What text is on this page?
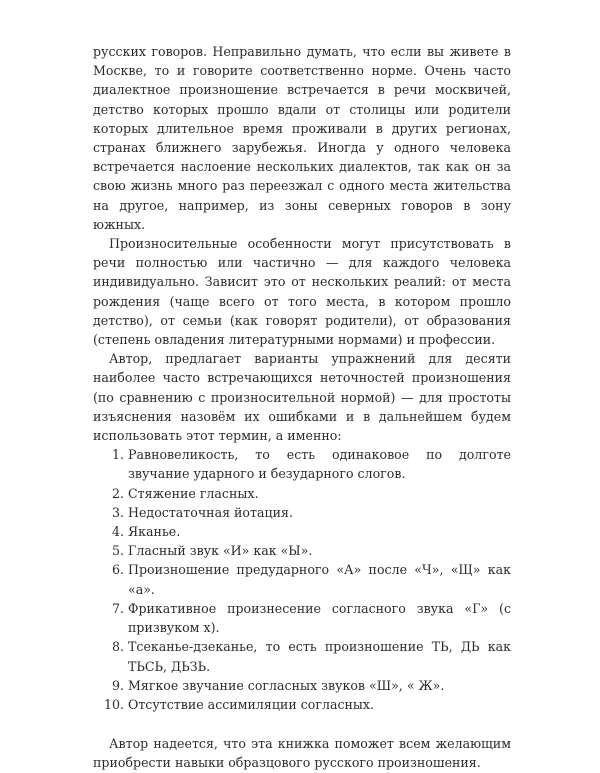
русских говоров. Неправильно думать, что если вы живете в Москве, то и говорите соответственно норме. Очень часто диалектное произношение встречается в речи москвичей, детство которых прошло вдали от столицы или родители которых длительное время проживали в других регионах, странах ближнего зарубежья. Иногда у одного человека встречается наслоение нескольких диалектов, так как он за свою жизнь много раз переезжал с одного места жительства на другое, например, из зоны северных говоров в зону южных.

Произносительные особенности могут присутствовать в речи полностью или частично — для каждого человека индивидуально. Зависит это от нескольких реалий: от места рождения (чаще всего от того места, в котором прошло детство), от семьи (как говорят родители), от образования (степень овладения литературными нормами) и профессии.

Автор, предлагает варианты упражнений для десяти наиболее часто встречающихся неточностей произношения (по сравнению с произносительной нормой) — для простоты изъяснения назовём их ошибками и в дальнейшем будем использовать этот термин, а именно:

1. Равновеликость, то есть одинаковое по долготе звучание ударного и безударного слогов.
2. Стяжение гласных.
3. Недостаточная йотация.
4. Яканье.
5. Гласный звук «И» как «Ы».
6. Произношение предударного «А» после «Ч», «Щ» как «а».
7. Фрикативное произнесение согласного звука «Г» (с призвуком х).
8. Тсеканье-дзеканье, то есть произношение ТЬ, ДЬ как ТЬСЬ, ДЬЗЬ.
9. Мягкое звучание согласных звуков «Ш», « Ж».
10. Отсутствие ассимиляции согласных.

Автор надеется, что эта книжка поможет всем желающим приобрести навыки образцового русского произношения.
